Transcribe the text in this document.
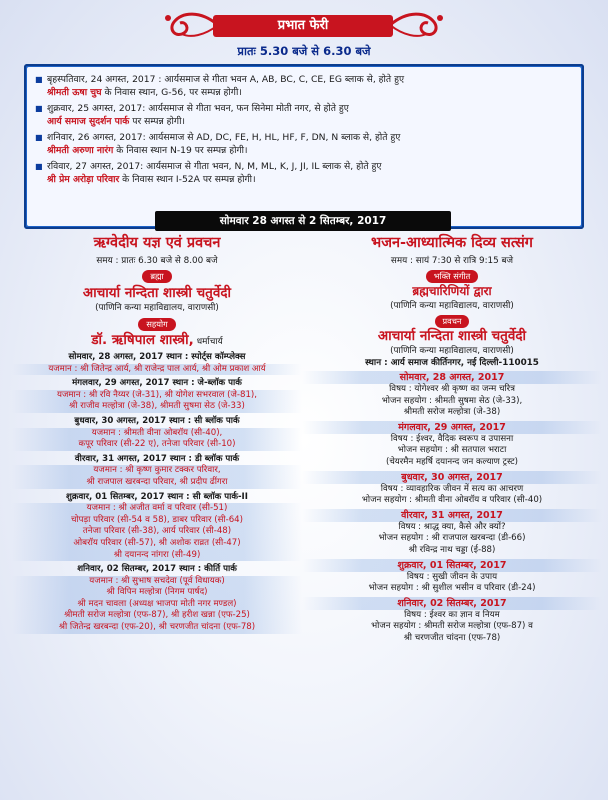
प्रभात फेरी
प्रातः 5.30 बजे से 6.30 बजे
■ बृहस्पतिवार, 24 अगस्त, 2017 : आर्यसमाज से गीता भवन A, AB, BC, C, CE, EG ब्लाक से, होते हुए
श्रीमती ऊषा चुघ के निवास स्थान, G-56, पर सम्पन्न होगी।
■ शुक्रवार, 25 अगस्त, 2017: आर्यसमाज से गीता भवन, फन सिनेमा मोती नगर, से होते हुए
आर्य समाज सुदर्शन पार्क पर सम्पन्न होगी।
■ शनिवार, 26 अगस्त, 2017: आर्यसमाज से AD, DC, FE, H, HL, HF, F, DN, N ब्लाक से, होते हुए
श्रीमती अरुणा नारंग के निवास स्थान N-19 पर सम्पन्न होगी।
■ रविवार, 27 अगस्त, 2017: आर्यसमाज से गीता भवन, N, M, ML, K, J, JI, IL ब्लाक से, होते हुए
श्री प्रेम अरोड़ा परिवार के निवास स्थान I-52A पर सम्पन्न होगी।
सोमवार 28 अगस्त से 2 सितम्बर, 2017
ऋग्वेदीय यज्ञ एवं प्रवचन
समय : प्रातः 6.30 बजे से 8.00 बजे
ब्रह्मा
आचार्या नन्दिता शास्त्री चतुर्वेदी
(पाणिनि कन्या महाविद्यालय, वाराणसी)
सहयोग
डॉ. ऋषिपाल शास्त्री, धर्माचार्य
सोमवार, 28 अगस्त, 2017 स्थान : स्पोर्ट्स कॉम्प्लेक्स
यजमान : श्री जितेन्द्र आर्य, श्री राजेन्द्र पाल आर्य, श्री ओम प्रकाश आर्य
मंगलवार, 29 अगस्त, 2017 स्थान : जे-ब्लॉक पार्क
यजमान : श्री रवि नैय्यर (जे-31), श्री योगेश सभरवाल (जे-81),
श्री राजीव मल्होत्रा (जे-38), श्रीमती सुषमा सेठ (जे-33)
बुधवार, 30 अगस्त, 2017 स्थान : सी ब्लॉक पार्क
यजमान : श्रीमती वीना ओबरॉय (सी-40),
कपूर परिवार (सी-22 ए), तनेजा परिवार (सी-10)
वीरवार, 31 अगस्त, 2017 स्थान : डी ब्लॉक पार्क
यजमान : श्री कृष्ण कुमार टक्कर परिवार,
श्री राजपाल खरबन्दा परिवार, श्री प्रदीप ढींगरा
शुक्रवार, 01 सितम्बर, 2017 स्थान : सी ब्लॉक पार्क-II
यजमान : श्री अजीत वर्मा व परिवार (सी-51)
चोपड़ा परिवार (सी-54 व 58), डाबर परिवार (सी-64)
तनेजा परिवार (सी-38), आर्य परिवार (सी-48)
ओबरॉय परिवार (सी-57), श्री अशोक राव्रत (सी-47)
श्री दयानन्द नांगरा (सी-49)
शनिवार, 02 सितम्बर, 2017 स्थान : कीर्ति पार्क
यजमान : श्री सुभाष सचदेवा (पूर्व विधायक)
श्री विपिन मल्होत्रा (निगम पार्षद)
श्री मदन चावला (अध्यक्ष भाजपा मोती नगर मण्डल)
श्रीमती सरोज मल्होत्रा (एफ-87), श्री हरीश खन्ना (एफ-25)
श्री जितेन्द्र खरबन्दा (एफ-20), श्री चरणजीत चांदना (एफ-78)
भजन-आध्यात्मिक दिव्य सत्संग
समय : सायं 7:30 से रात्रि 9:15 बजे
भक्ति संगीत
ब्रह्मचारिणियों द्वारा
(पाणिनि कन्या महाविद्यालय, वाराणसी)
प्रवचन
आचार्या नन्दिता शास्त्री चतुर्वेदी
(पाणिनि कन्या महाविद्यालय, वाराणसी)
स्थान : आर्य समाज कीर्तिनगर, नई दिल्ली-110015
सोमवार, 28 अगस्त, 2017
विषय : योगेश्वर श्री कृष्ण का जन्म चरित्र
भोजन सहयोग : श्रीमती सुषमा सेठ (जे-33),
श्रीमती सरोज मल्होत्रा (जे-38)
मंगलवार, 29 अगस्त, 2017
विषय : ईश्वर, वैदिक स्वरूप व उपासना
भोजन सहयोग : श्री सतपाल भराटा
(चेयरमैन महर्षि दयानन्द जन कल्याण ट्रस्ट)
बुधवार, 30 अगस्त, 2017
विषय : व्यावहारिक जीवन में सत्य का आचरण
भोजन सहयोग : श्रीमती वीना ओबरॉय व परिवार (सी-40)
वीरवार, 31 अगस्त, 2017
विषय : श्राद्ध क्या, कैसे और क्यों?
भोजन सहयोग : श्री राजपाल खरबन्दा (डी-66)
श्री रविन्द्र नाथ चड्डा (ई-88)
शुक्रवार, 01 सितम्बर, 2017
विषय : सुखी जीवन के उपाय
भोजन सहयोग : श्री सुशील भसीन व परिवार (डी-24)
शनिवार, 02 सितम्बर, 2017
विषय : ईश्वर का ज्ञान व नियम
भोजन सहयोग : श्रीमती सरोज मल्होत्रा (एफ-87) व
श्री चरणजीत चांदना (एफ-78)
